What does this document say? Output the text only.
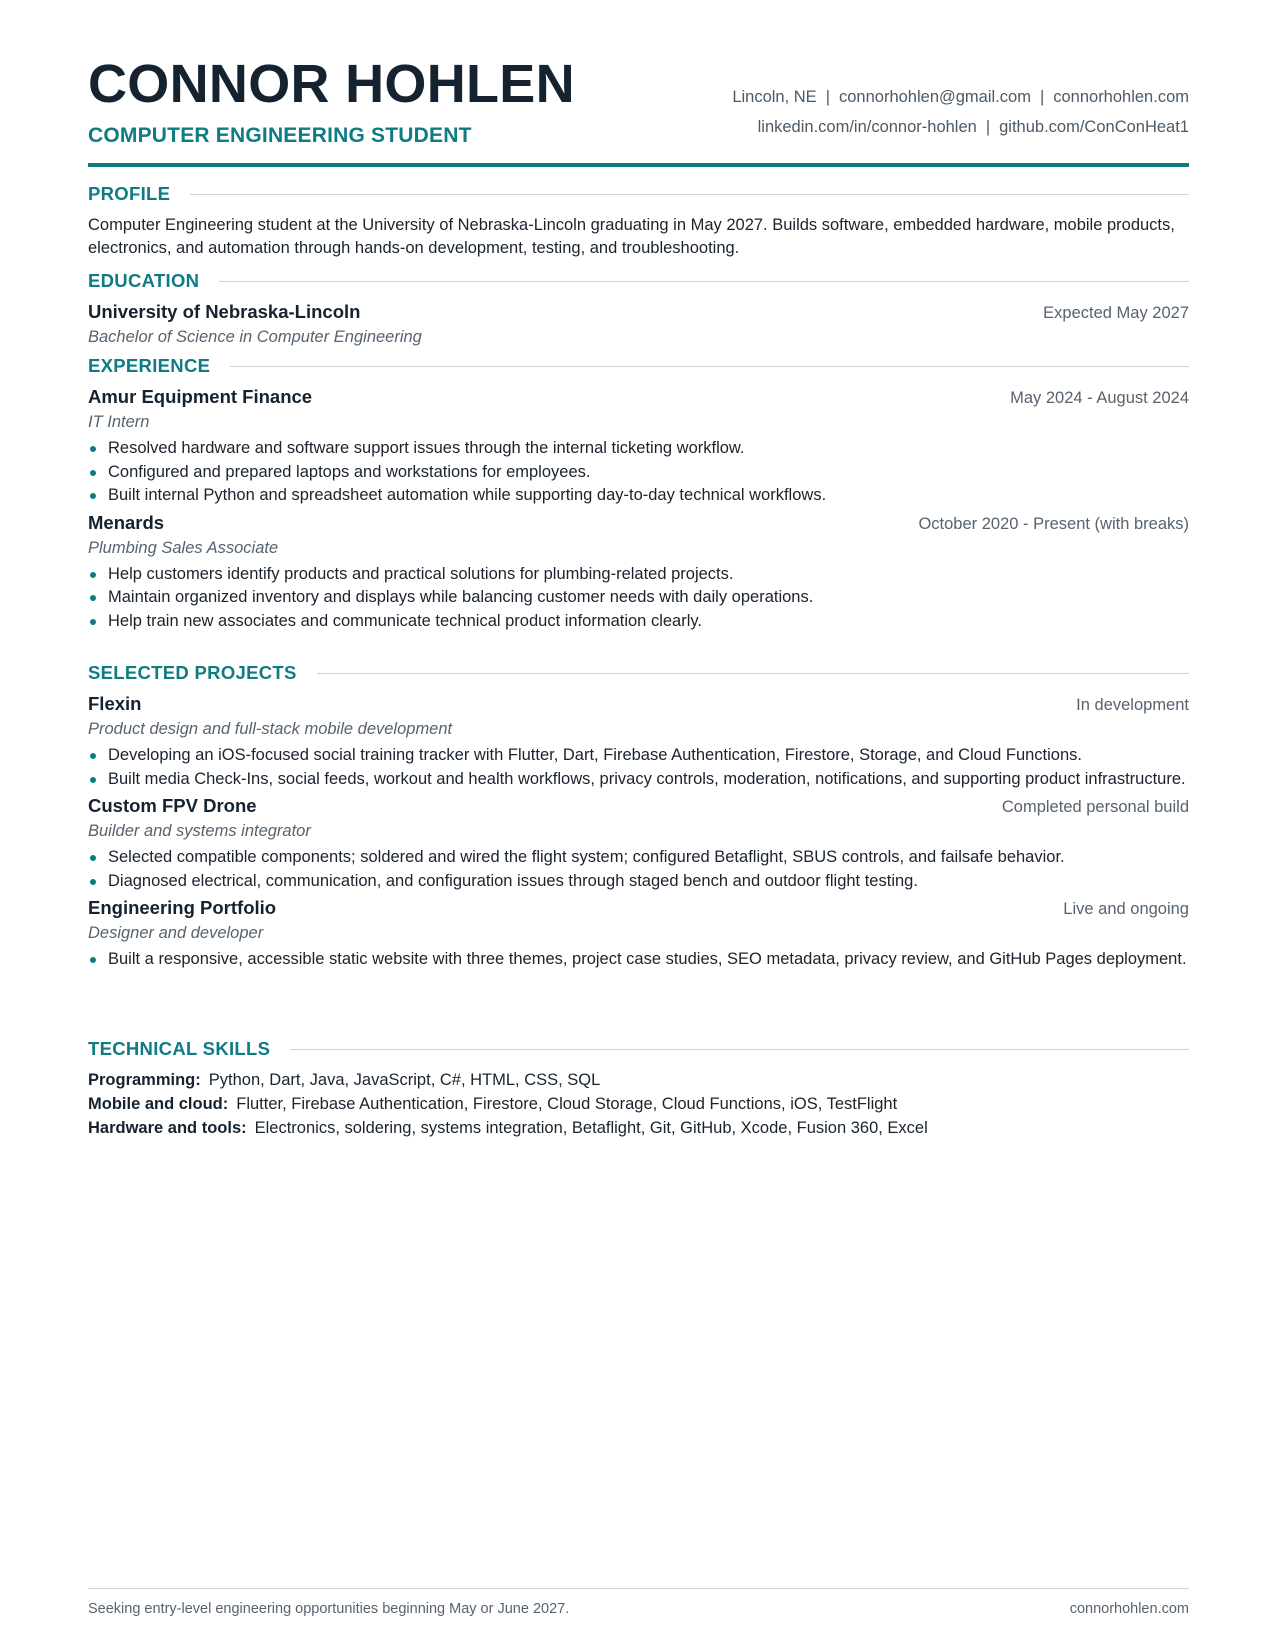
CONNOR HOHLEN

COMPUTER ENGINEERING STUDENT

Lincoln, NE | connorhohlen@gmail.com | connorhohlen.com
linkedin.com/in/connor-hohlen | github.com/ConConHeat1
PROFILE

Computer Engineering student at the University of Nebraska-Lincoln graduating in May 2027. Builds software, embedded hardware, mobile products, electronics, and automation through hands-on development, testing, and troubleshooting.

EDUCATION
University of Nebraska-Lincoln	Expected May 2027
Bachelor of Science in Computer Engineering
EXPERIENCE
Amur Equipment Finance	May 2024 - August 2024
IT Intern
Resolved hardware and software support issues through the internal ticketing workflow.
Configured and prepared laptops and workstations for employees.
Built internal Python and spreadsheet automation while supporting day-to-day technical workflows.
Menards	October 2020 - Present (with breaks)
Plumbing Sales Associate
Help customers identify products and practical solutions for plumbing-related projects.
Maintain organized inventory and displays while balancing customer needs with daily operations.
Help train new associates and communicate technical product information clearly.
SELECTED PROJECTS
Flexin	In development
Product design and full-stack mobile development
Developing an iOS-focused social training tracker with Flutter, Dart, Firebase Authentication, Firestore, Storage, and Cloud Functions.
Built media Check-Ins, social feeds, workout and health workflows, privacy controls, moderation, notifications, and supporting product infrastructure.
Custom FPV Drone	Completed personal build
Builder and systems integrator
Selected compatible components; soldered and wired the flight system; configured Betaflight, SBUS controls, and failsafe behavior.
Diagnosed electrical, communication, and configuration issues through staged bench and outdoor flight testing.
Engineering Portfolio	Live and ongoing
Designer and developer
Built a responsive, accessible static website with three themes, project case studies, SEO metadata, privacy review, and GitHub Pages deployment.
TECHNICAL SKILLS
Programming: Python, Dart, Java, JavaScript, C#, HTML, CSS, SQL
Mobile and cloud: Flutter, Firebase Authentication, Firestore, Cloud Storage, Cloud Functions, iOS, TestFlight
Hardware and tools: Electronics, soldering, systems integration, Betaflight, Git, GitHub, Xcode, Fusion 360, Excel
Seeking entry-level engineering opportunities beginning May or June 2027.	connorhohlen.com
